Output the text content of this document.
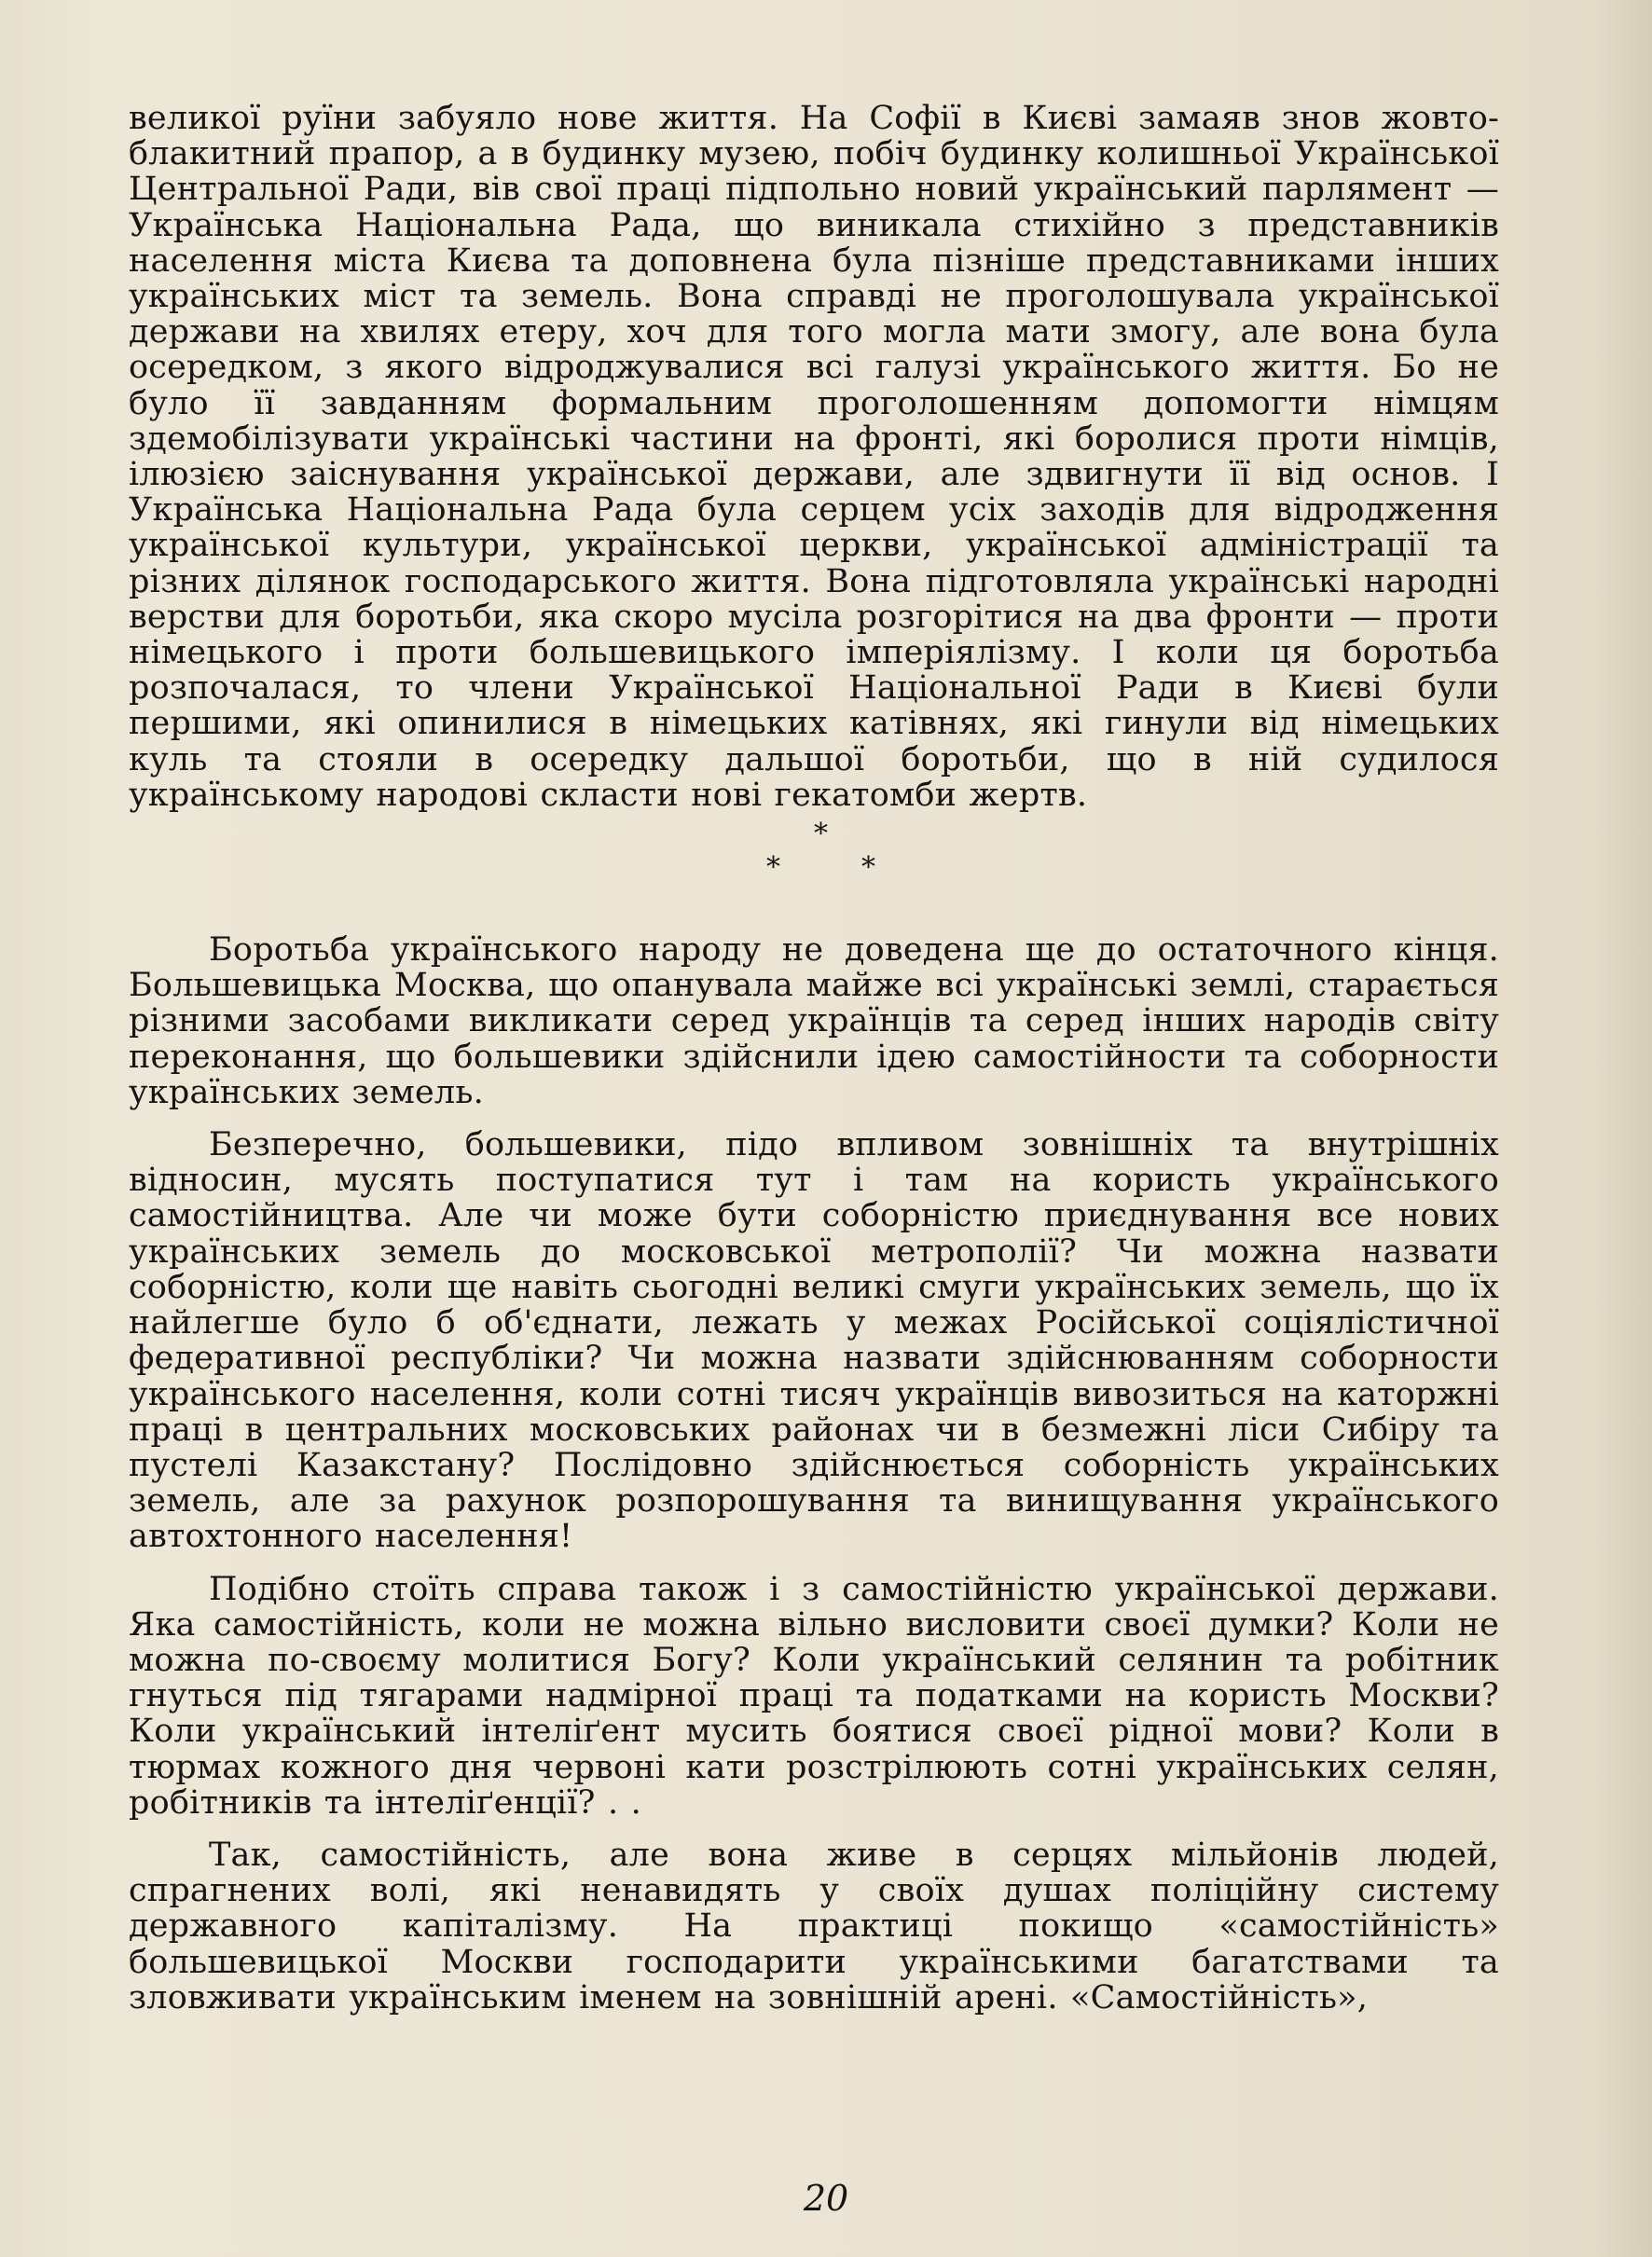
великої руїни забуяло нове життя. На Софії в Києві замаяв знов жовто-блакитний прапор, а в будинку музею, побіч будинку колишньої Української Центральної Ради, вів свої праці підпольно новий український парлямент — Українська Національна Рада, що виникала стихійно з представників населення міста Києва та доповнена була пізніше представниками інших українських міст та земель. Вона справді не проголошувала української держави на хвилях етеру, хоч для того могла мати змогу, але вона була осередком, з якого відроджувалися всі галузі українського життя. Бо не було її завданням формальним проголошенням допомогти німцям здемобілізувати українські частини на фронті, які боролися проти німців, ілюзією заіснування української держави, але здвигнути її від основ. І Українська Національна Рада була серцем усіх заходів для відродження української культури, української церкви, української адміністрації та різних ділянок господарського життя. Вона підготовляла українські народні верстви для боротьби, яка скоро мусіла розгорітися на два фронти — проти німецького і проти большевицького імперіялізму. І коли ця боротьба розпочалася, то члени Української Національної Ради в Києві були першими, які опинилися в німецьких катівнях, які гинули від німецьких куль та стояли в осередку дальшої боротьби, що в ній судилося українському народові скласти нові гекатомби жертв.

*
*	*

Боротьба українського народу не доведена ще до остаточного кінця. Большевицька Москва, що опанувала майже всі українські землі, старається різними засобами викликати серед українців та серед інших народів світу переконання, що большевики здійснили ідею самостійности та соборности українських земель.

Безперечно, большевики, підо впливом зовнішніх та внутрішніх відносин, мусять поступатися тут і там на користь українського самостійництва. Але чи може бути соборністю приєднування все нових українських земель до московської метрополії? Чи можна назвати соборністю, коли ще навіть сьогодні великі смуги українських земель, що їх найлегше було б об'єднати, лежать у межах Російської соціялістичної федеративної республіки? Чи можна назвати здійснюванням соборности українського населення, коли сотні тисяч українців вивозиться на каторжні праці в центральних московських районах чи в безмежні ліси Сибіру та пустелі Казакстану? Послідовно здійснюється соборність українських земель, але за рахунок розпорошування та винищування українського автохтонного населення!

Подібно стоїть справа також і з самостійністю української держави. Яка самостійність, коли не можна вільно висловити своєї думки? Коли не можна по-своєму молитися Богу? Коли український селянин та робітник гнуться під тягарами надмірної праці та податками на користь Москви? Коли український інтеліґент мусить боятися своєї рідної мови? Коли в тюрмах кожного дня червоні кати розстрілюють сотні українських селян, робітників та інтеліґенції? . .

Так, самостійність, але вона живе в серцях мільйонів людей, спрагнених волі, які ненавидять у своїх душах поліційну систему державного капіталізму. На практиці покищо «самостійність» большевицької Москви господарити українськими багатствами та зловживати українським іменем на зовнішній арені. «Самостійність»,

20
